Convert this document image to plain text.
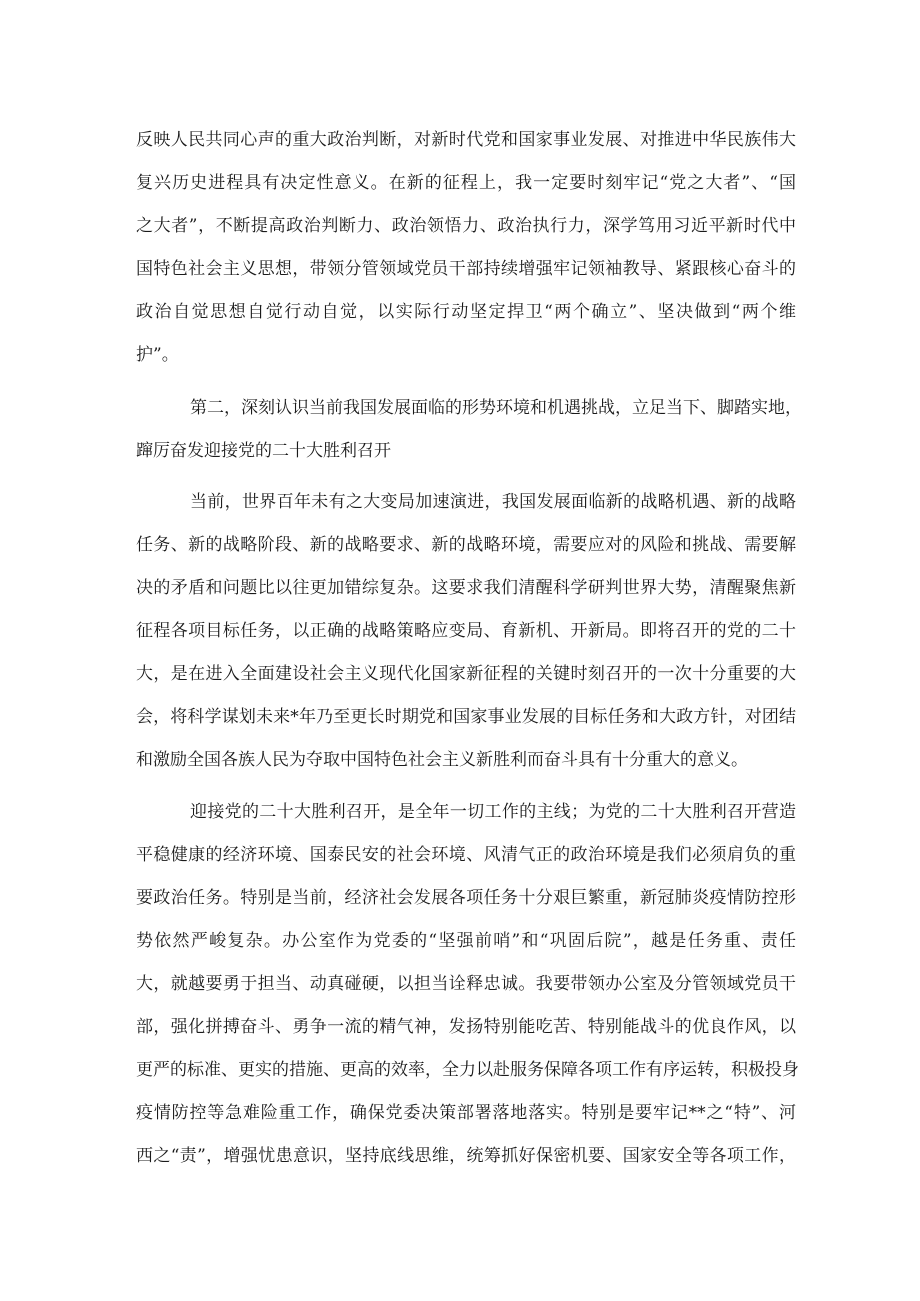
反映人民共同心声的重大政治判断，对新时代党和国家事业发展、对推进中华民族伟大
复兴历史进程具有决定性意义。在新的征程上，我一定要时刻牢记“党之大者”、“国
之大者”，不断提高政治判断力、政治领悟力、政治执行力，深学笃用习近平新时代中
国特色社会主义思想，带领分管领域党员干部持续增强牢记领袖教导、紧跟核心奋斗的
政治自觉思想自觉行动自觉，以实际行动坚定捍卫“两个确立”、坚决做到“两个维
护”。
第二，深刻认识当前我国发展面临的形势环境和机遇挑战，立足当下、脚踏实地，
蹿厉奋发迎接党的二十大胜利召开
当前，世界百年未有之大变局加速演进，我国发展面临新的战略机遇、新的战略
任务、新的战略阶段、新的战略要求、新的战略环境，需要应对的风险和挑战、需要解
决的矛盾和问题比以往更加错综复杂。这要求我们清醒科学研判世界大势，清醒聚焦新
征程各项目标任务，以正确的战略策略应变局、育新机、开新局。即将召开的党的二十
大，是在进入全面建设社会主义现代化国家新征程的关键时刻召开的一次十分重要的大
会，将科学谋划未来*年乃至更长时期党和国家事业发展的目标任务和大政方针，对团结
和激励全国各族人民为夺取中国特色社会主义新胜利而奋斗具有十分重大的意义。
迎接党的二十大胜利召开，是全年一切工作的主线；为党的二十大胜利召开营造
平稳健康的经济环境、国泰民安的社会环境、风清气正的政治环境是我们必须肩负的重
要政治任务。特别是当前，经济社会发展各项任务十分艰巨繁重，新冠肺炎疫情防控形
势依然严峻复杂。办公室作为党委的“坚强前哨”和“巩固后院”，越是任务重、责任
大，就越要勇于担当、动真碰硬，以担当诠释忠诚。我要带领办公室及分管领域党员干
部，强化拼搏奋斗、勇争一流的精气神，发扬特别能吃苦、特别能战斗的优良作风，以
更严的标准、更实的措施、更高的效率，全力以赴服务保障各项工作有序运转，积极投身
疫情防控等急难险重工作，确保党委决策部署落地落实。特别是要牢记**之“特”、河
西之“责”，增强忧患意识，坚持底线思维，统筹抓好保密机要、国家安全等各项工作，
